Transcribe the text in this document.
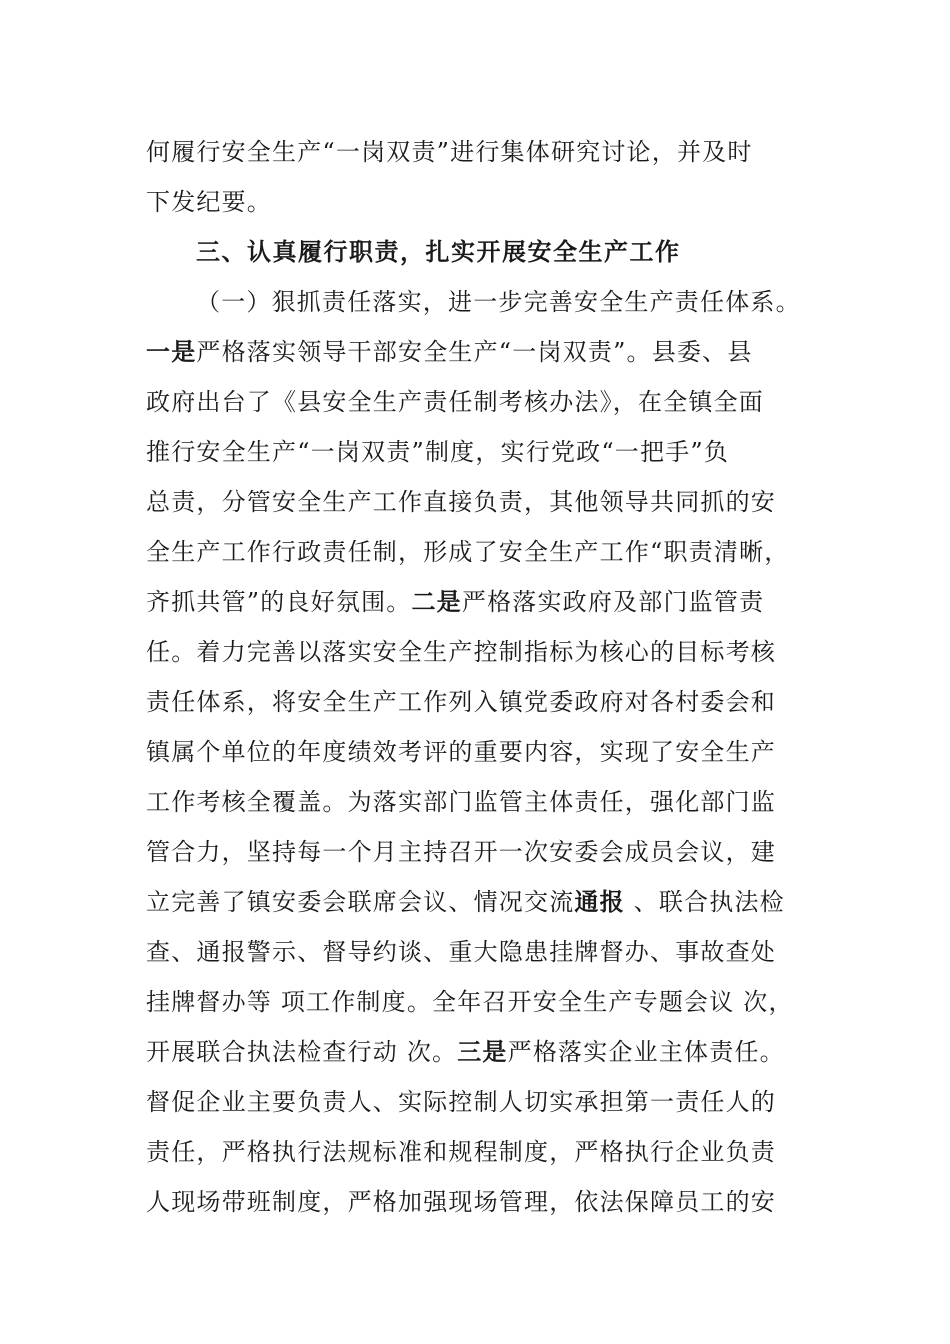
何履行安全生产“一岗双责”进行集体研究讨论，并及时
下发纪要。
三、认真履行职责，扎实开展安全生产工作
（一）狠抓责任落实，进一步完善安全生产责任体系。
一是严格落实领导干部安全生产“一岗双责”。县委、县
政府出台了《县安全生产责任制考核办法》，在全镇全面
推行安全生产“一岗双责”制度，实行党政“一把手”负
总责，分管安全生产工作直接负责，其他领导共同抓的安
全生产工作行政责任制，形成了安全生产工作“职责清晰，
齐抓共管”的良好氛围。二是严格落实政府及部门监管责
任。着力完善以落实安全生产控制指标为核心的目标考核
责任体系，将安全生产工作列入镇党委政府对各村委会和
镇属个单位的年度绩效考评的重要内容，实现了安全生产
工作考核全覆盖。为落实部门监管主体责任，强化部门监
管合力，坚持每一个月主持召开一次安委会成员会议，建
立完善了镇安委会联席会议、情况交流通报 、联合执法检
查、通报警示、督导约谈、重大隐患挂牌督办、事故查处
挂牌督办等 项工作制度。全年召开安全生产专题会议 次，
开展联合执法检查行动 次。三是严格落实企业主体责任。
督促企业主要负责人、实际控制人切实承担第一责任人的
责任，严格执行法规标准和规程制度，严格执行企业负责
人现场带班制度，严格加强现场管理，依法保障员工的安
